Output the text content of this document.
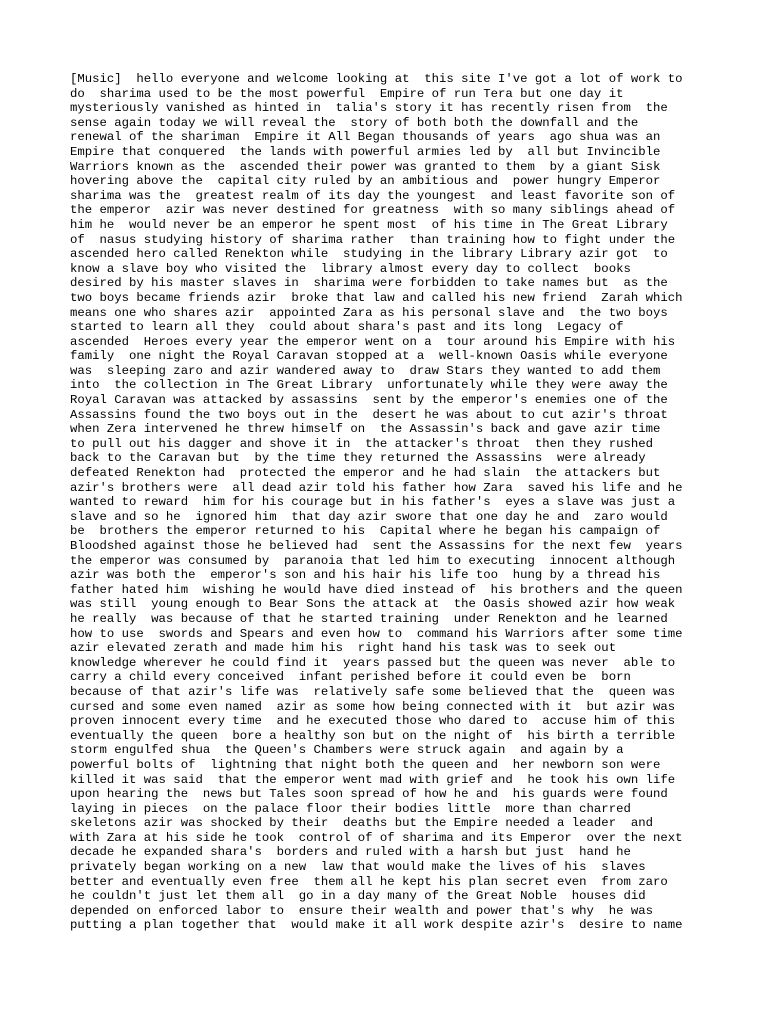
[Music]  hello everyone and welcome looking at  this site I've got a lot of work to
do  sharima used to be the most powerful  Empire of run Tera but one day it
mysteriously vanished as hinted in  talia's story it has recently risen from  the
sense again today we will reveal the  story of both both the downfall and the
renewal of the shariman  Empire it All Began thousands of years  ago shua was an
Empire that conquered  the lands with powerful armies led by  all but Invincible
Warriors known as the  ascended their power was granted to them  by a giant Sisk
hovering above the  capital city ruled by an ambitious and  power hungry Emperor
sharima was the  greatest realm of its day the youngest  and least favorite son of
the emperor  azir was never destined for greatness  with so many siblings ahead of
him he  would never be an emperor he spent most  of his time in The Great Library
of  nasus studying history of sharima rather  than training how to fight under the
ascended hero called Renekton while  studying in the library Library azir got  to
know a slave boy who visited the  library almost every day to collect  books
desired by his master slaves in  sharima were forbidden to take names but  as the
two boys became friends azir  broke that law and called his new friend  Zarah which
means one who shares azir  appointed Zara as his personal slave and  the two boys
started to learn all they  could about shara's past and its long  Legacy of
ascended  Heroes every year the emperor went on a  tour around his Empire with his
family  one night the Royal Caravan stopped at a  well-known Oasis while everyone
was  sleeping zaro and azir wandered away to  draw Stars they wanted to add them
into  the collection in The Great Library  unfortunately while they were away the
Royal Caravan was attacked by assassins  sent by the emperor's enemies one of the
Assassins found the two boys out in the  desert he was about to cut azir's throat
when Zera intervened he threw himself on  the Assassin's back and gave azir time
to pull out his dagger and shove it in  the attacker's throat  then they rushed
back to the Caravan but  by the time they returned the Assassins  were already
defeated Renekton had  protected the emperor and he had slain  the attackers but
azir's brothers were  all dead azir told his father how Zara  saved his life and he
wanted to reward  him for his courage but in his father's  eyes a slave was just a
slave and so he  ignored him  that day azir swore that one day he and  zaro would
be  brothers the emperor returned to his  Capital where he began his campaign of
Bloodshed against those he believed had  sent the Assassins for the next few  years
the emperor was consumed by  paranoia that led him to executing  innocent although
azir was both the  emperor's son and his hair his life too  hung by a thread his
father hated him  wishing he would have died instead of  his brothers and the queen
was still  young enough to Bear Sons the attack at  the Oasis showed azir how weak
he really  was because of that he started training  under Renekton and he learned
how to use  swords and Spears and even how to  command his Warriors after some time
azir elevated zerath and made him his  right hand his task was to seek out
knowledge wherever he could find it  years passed but the queen was never  able to
carry a child every conceived  infant perished before it could even be  born
because of that azir's life was  relatively safe some believed that the  queen was
cursed and some even named  azir as some how being connected with it  but azir was
proven innocent every time  and he executed those who dared to  accuse him of this
eventually the queen  bore a healthy son but on the night of  his birth a terrible
storm engulfed shua  the Queen's Chambers were struck again  and again by a
powerful bolts of  lightning that night both the queen and  her newborn son were
killed it was said  that the emperor went mad with grief and  he took his own life
upon hearing the  news but Tales soon spread of how he and  his guards were found
laying in pieces  on the palace floor their bodies little  more than charred
skeletons azir was shocked by their  deaths but the Empire needed a leader  and
with Zara at his side he took  control of of sharima and its Emperor  over the next
decade he expanded shara's  borders and ruled with a harsh but just  hand he
privately began working on a new  law that would make the lives of his  slaves
better and eventually even free  them all he kept his plan secret even  from zaro
he couldn't just let them all  go in a day many of the Great Noble  houses did
depended on enforced labor to  ensure their wealth and power that's why  he was
putting a plan together that  would make it all work despite azir's  desire to name
